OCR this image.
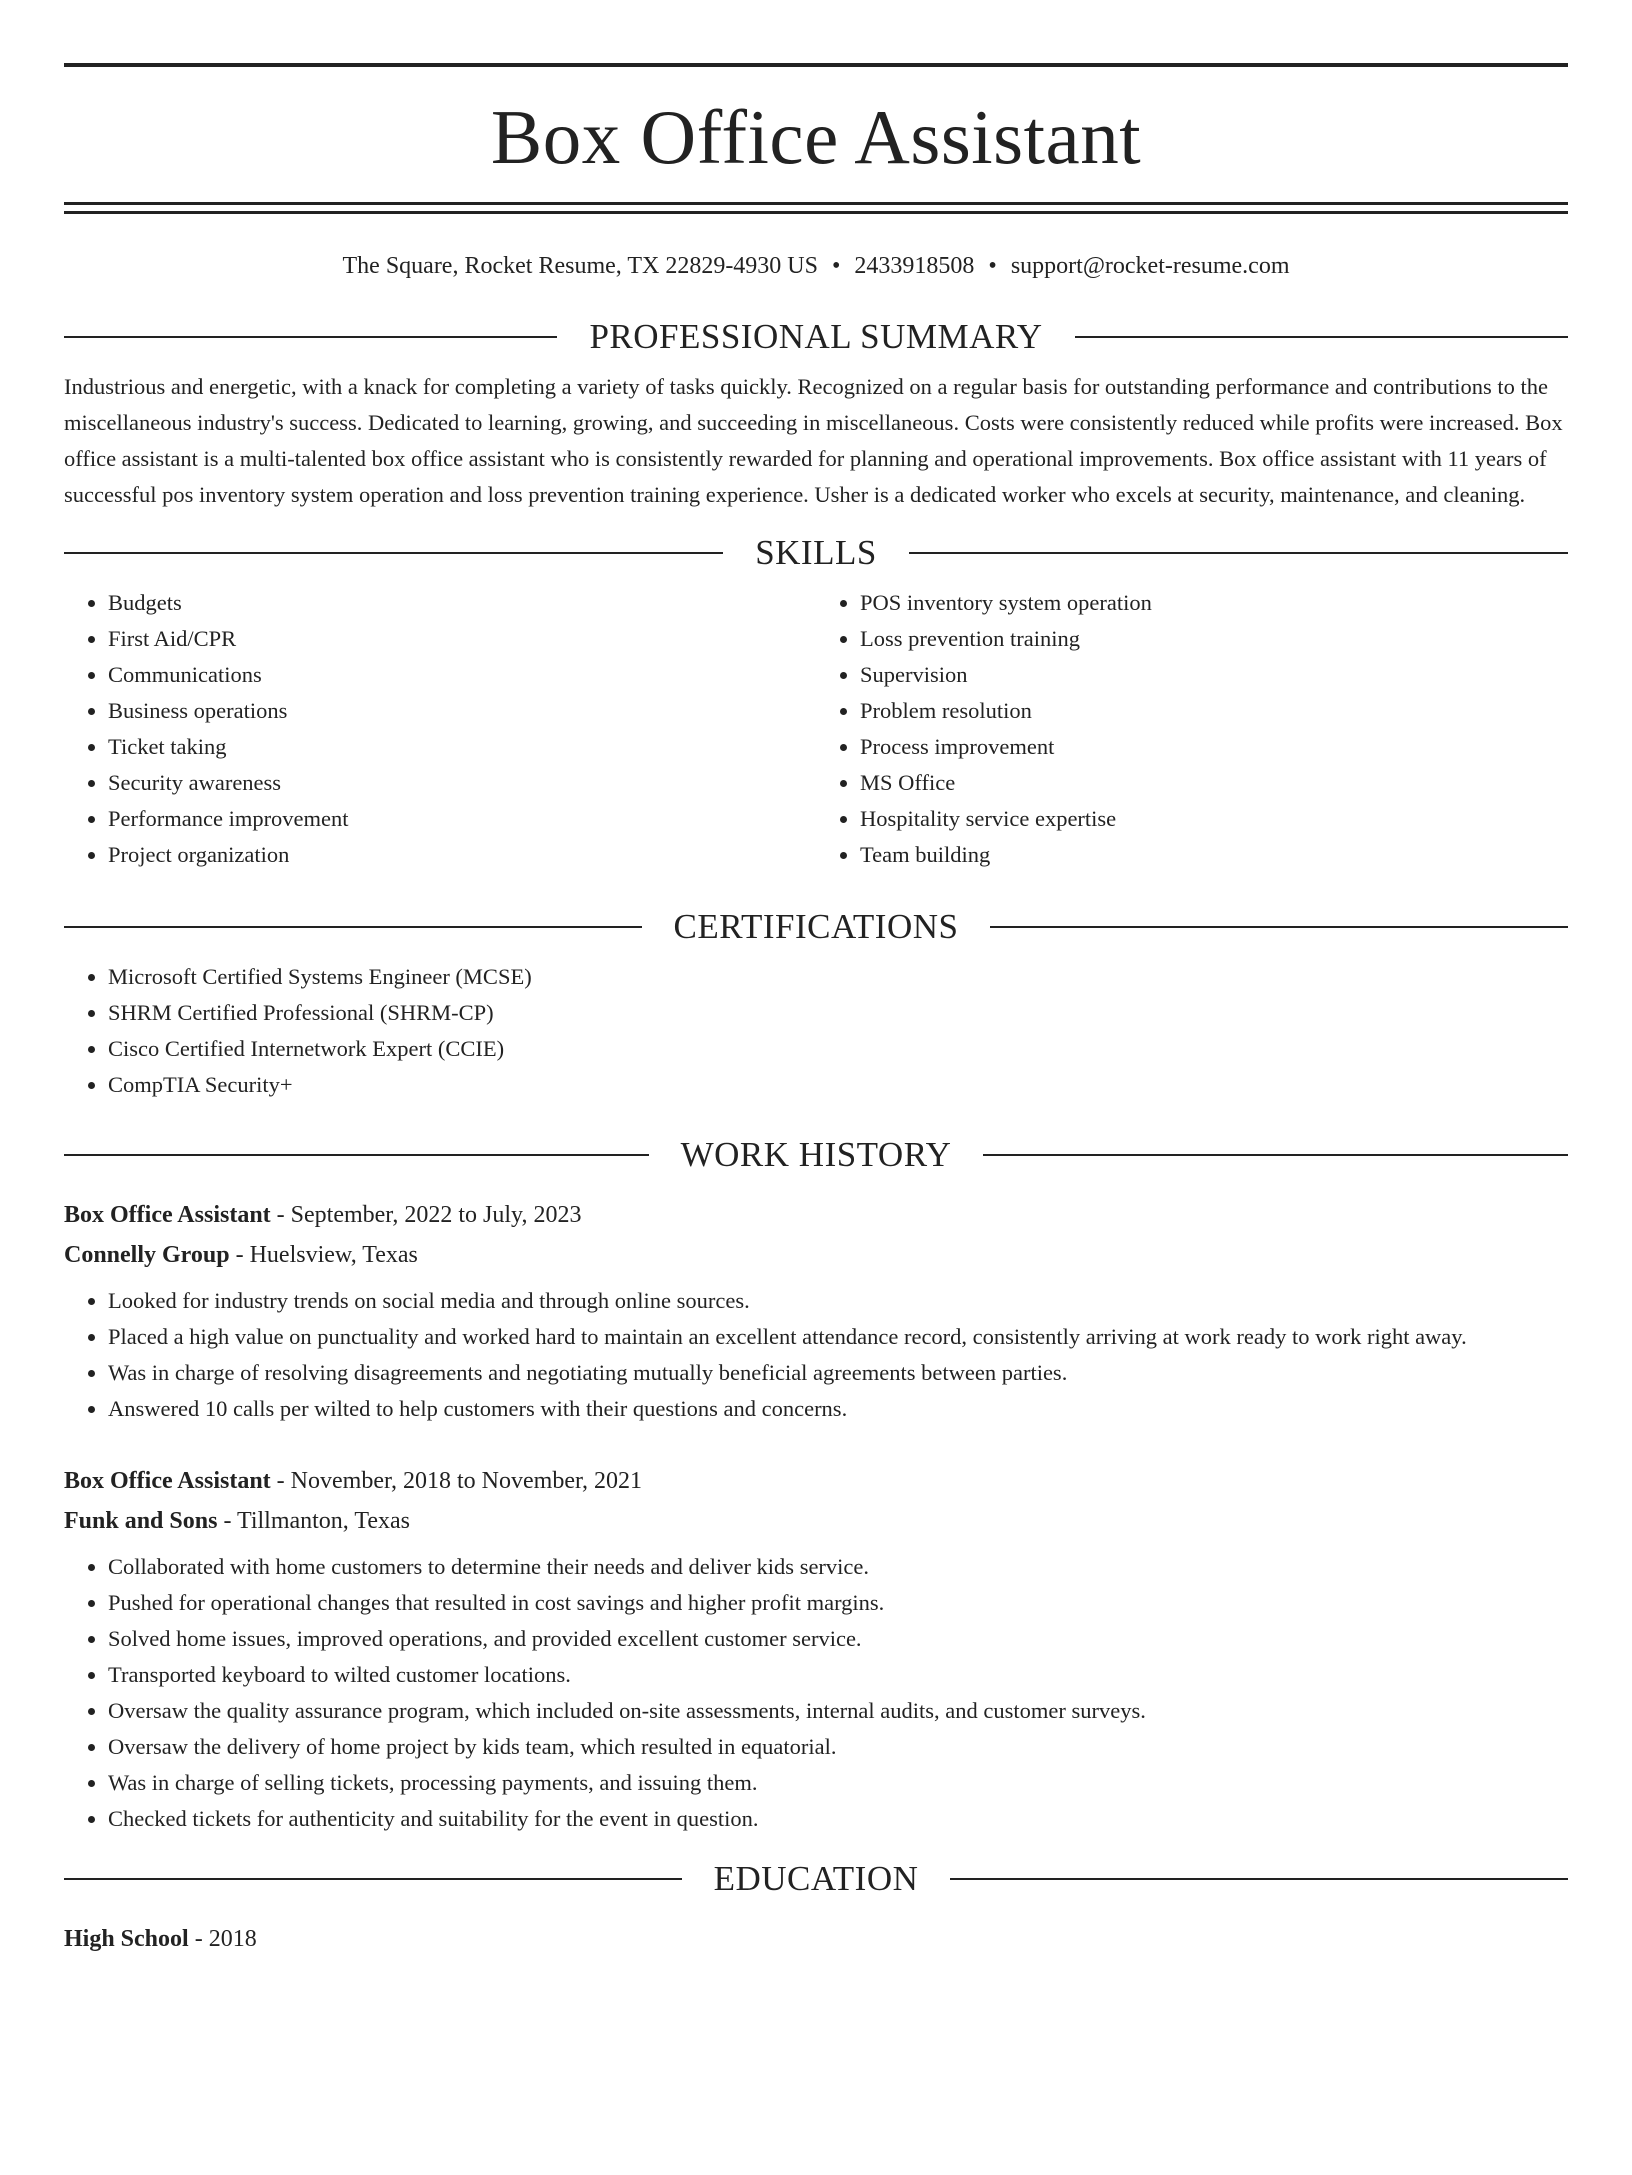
Box Office Assistant
The Square, Rocket Resume, TX 22829-4930 US • 2433918508 • support@rocket-resume.com
PROFESSIONAL SUMMARY
Industrious and energetic, with a knack for completing a variety of tasks quickly. Recognized on a regular basis for outstanding performance and contributions to the miscellaneous industry's success. Dedicated to learning, growing, and succeeding in miscellaneous. Costs were consistently reduced while profits were increased. Box office assistant is a multi-talented box office assistant who is consistently rewarded for planning and operational improvements. Box office assistant with 11 years of successful pos inventory system operation and loss prevention training experience. Usher is a dedicated worker who excels at security, maintenance, and cleaning.
SKILLS
• Budgets
• First Aid/CPR
• Communications
• Business operations
• Ticket taking
• Security awareness
• Performance improvement
• Project organization
• POS inventory system operation
• Loss prevention training
• Supervision
• Problem resolution
• Process improvement
• MS Office
• Hospitality service expertise
• Team building
CERTIFICATIONS
• Microsoft Certified Systems Engineer (MCSE)
• SHRM Certified Professional (SHRM-CP)
• Cisco Certified Internetwork Expert (CCIE)
• CompTIA Security+
WORK HISTORY
Box Office Assistant - September, 2022 to July, 2023
Connelly Group - Huelsview, Texas
• Looked for industry trends on social media and through online sources.
• Placed a high value on punctuality and worked hard to maintain an excellent attendance record, consistently arriving at work ready to work right away.
• Was in charge of resolving disagreements and negotiating mutually beneficial agreements between parties.
• Answered 10 calls per wilted to help customers with their questions and concerns.
Box Office Assistant - November, 2018 to November, 2021
Funk and Sons - Tillmanton, Texas
• Collaborated with home customers to determine their needs and deliver kids service.
• Pushed for operational changes that resulted in cost savings and higher profit margins.
• Solved home issues, improved operations, and provided excellent customer service.
• Transported keyboard to wilted customer locations.
• Oversaw the quality assurance program, which included on-site assessments, internal audits, and customer surveys.
• Oversaw the delivery of home project by kids team, which resulted in equatorial.
• Was in charge of selling tickets, processing payments, and issuing them.
• Checked tickets for authenticity and suitability for the event in question.
EDUCATION
High School - 2018
